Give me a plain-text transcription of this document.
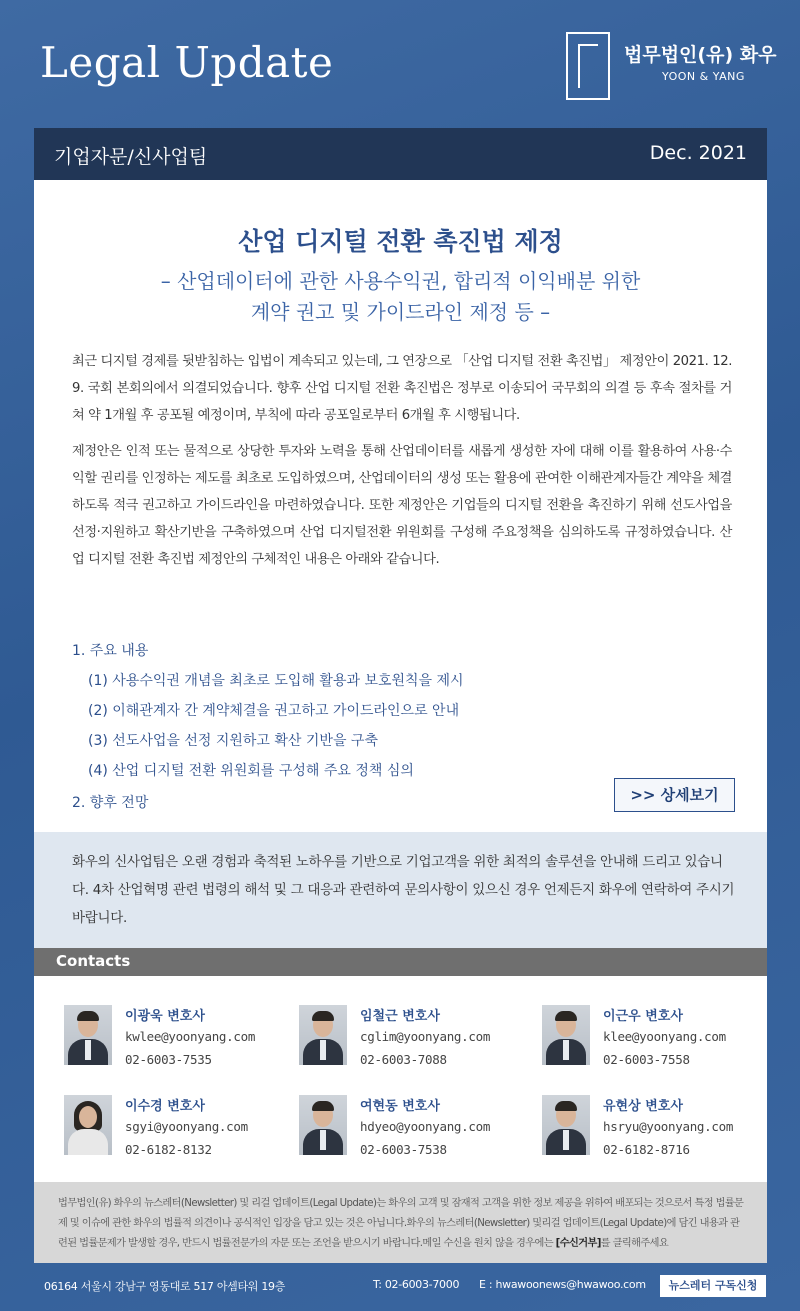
Legal Update	법무법인(유) 화우
YOON & YANG
기업자문/신사업팀	Dec. 2021
산업 디지털 전환 촉진법 제정
– 산업데이터에 관한 사용수익권, 합리적 이익배분 위한
계약 권고 및 가이드라인 제정 등 –
최근 디지털 경제를 뒷받침하는 입법이 계속되고 있는데, 그 연장으로 「산업 디지털 전환 촉진법」 제정안이 2021. 12. 9. 국회 본회의에서 의결되었습니다. 향후 산업 디지털 전환 촉진법은 정부로 이송되어 국무회의 의결 등 후속 절차를 거쳐 약 1개월 후 공포될 예정이며, 부칙에 따라 공포일로부터 6개월 후 시행됩니다.
제정안은 인적 또는 물적으로 상당한 투자와 노력을 통해 산업데이터를 새롭게 생성한 자에 대해 이를 활용하여 사용·수익할 권리를 인정하는 제도를 최초로 도입하였으며, 산업데이터의 생성 또는 활용에 관여한 이해관계자들간 계약을 체결하도록 적극 권고하고 가이드라인을 마련하였습니다. 또한 제정안은 기업들의 디지털 전환을 촉진하기 위해 선도사업을 선정·지원하고 확산기반을 구축하였으며 산업 디지털전환 위원회를 구성해 주요정책을 심의하도록 규정하였습니다. 산업 디지털 전환 촉진법 제정안의 구체적인 내용은 아래와 같습니다.
1. 주요 내용
(1) 사용수익권 개념을 최초로 도입해 활용과 보호원칙을 제시
(2) 이해관계자 간 계약체결을 권고하고 가이드라인으로 안내
(3) 선도사업을 선정 지원하고 확산 기반을 구축
(4) 산업 디지털 전환 위원회를 구성해 주요 정책 심의
2. 향후 전망	>> 상세보기
화우의 신사업팀은 오랜 경험과 축적된 노하우를 기반으로 기업고객을 위한 최적의 솔루션을 안내해 드리고 있습니다. 4차 산업혁명 관련 법령의 해석 및 그 대응과 관련하여 문의사항이 있으신 경우 언제든지 화우에 연락하여 주시기 바랍니다.
Contacts
이광욱 변호사
kwlee@yoonyang.com
02-6003-7535
임철근 변호사
cglim@yoonyang.com
02-6003-7088
이근우 변호사
klee@yoonyang.com
02-6003-7558
이수경 변호사
sgyi@yoonyang.com
02-6182-8132
여현동 변호사
hdyeo@yoonyang.com
02-6003-7538
유현상 변호사
hsryu@yoonyang.com
02-6182-8716
법무법인(유) 화우의 뉴스레터(Newsletter) 및 리걸 업데이트(Legal Update)는 화우의 고객 및 잠재적 고객을 위한 정보 제공을 위하여 배포되는 것으로서 특정 법률문제 및 이슈에 관한 화우의 법률적 의견이나 공식적인 입장을 담고 있는 것은 아닙니다.화우의 뉴스레터(Newsletter) 및리걸 업데이트(Legal Update)에 담긴 내용과 관련된 법률문제가 발생할 경우, 반드시 법률전문가의 자문 또는 조언을 받으시기 바랍니다.메일 수신을 원치 않을 경우에는 [수신거부]를 클릭해주세요
06164 서울시 강남구 영동대로 517 아셈타워 19층	T: 02-6003-7000 E : hwawoonews@hwawoo.com	뉴스레터 구독신청
